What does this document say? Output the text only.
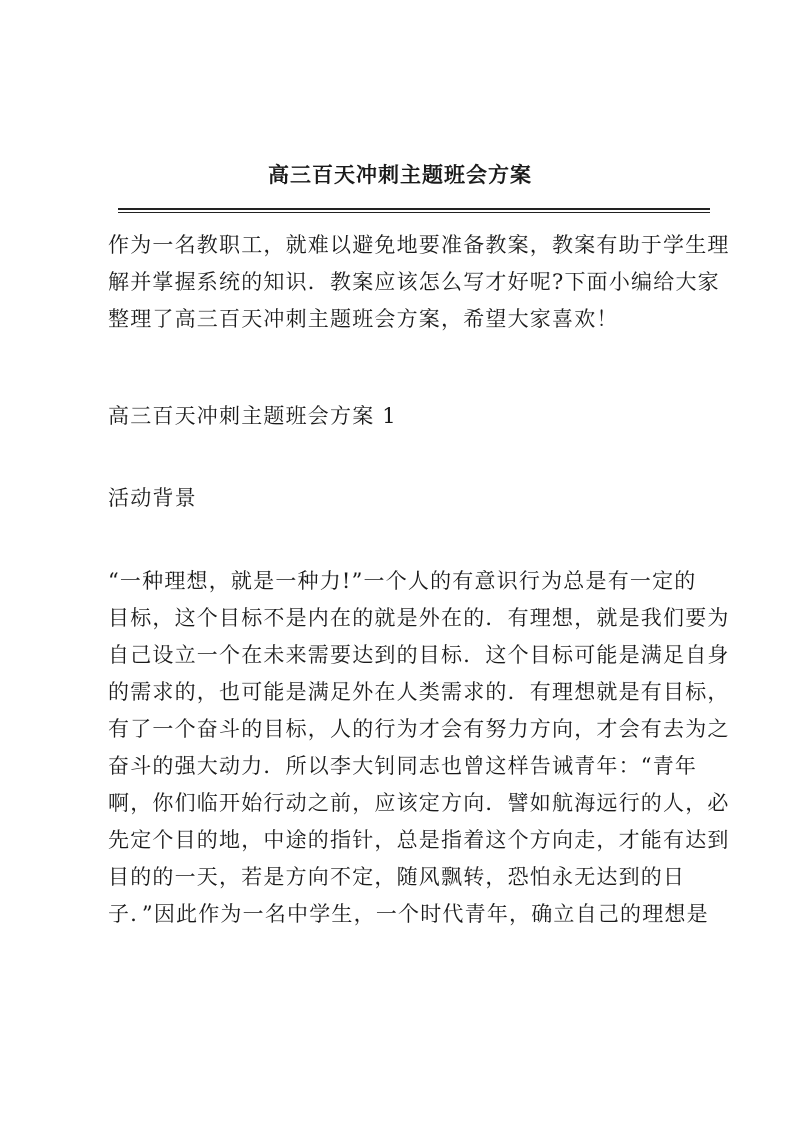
高三百天冲刺主题班会方案
作为一名教职工，就难以避免地要准备教案，教案有助于学生理
解并掌握系统的知识．教案应该怎么写才好呢?下面小编给大家
整理了高三百天冲刺主题班会方案，希望大家喜欢！
高三百天冲刺主题班会方案 1
活动背景
“一种理想，就是一种力!”一个人的有意识行为总是有一定的
目标，这个目标不是内在的就是外在的．有理想，就是我们要为
自己设立一个在未来需要达到的目标．这个目标可能是满足自身
的需求的，也可能是满足外在人类需求的．有理想就是有目标，
有了一个奋斗的目标，人的行为才会有努力方向，才会有去为之
奋斗的强大动力．所以李大钊同志也曾这样告诫青年：“青年
啊，你们临开始行动之前，应该定方向．譬如航海远行的人，必
先定个目的地，中途的指针，总是指着这个方向走，才能有达到
目的的一天，若是方向不定，随风飘转，恐怕永无达到的日
子．”因此作为一名中学生，一个时代青年，确立自己的理想是
